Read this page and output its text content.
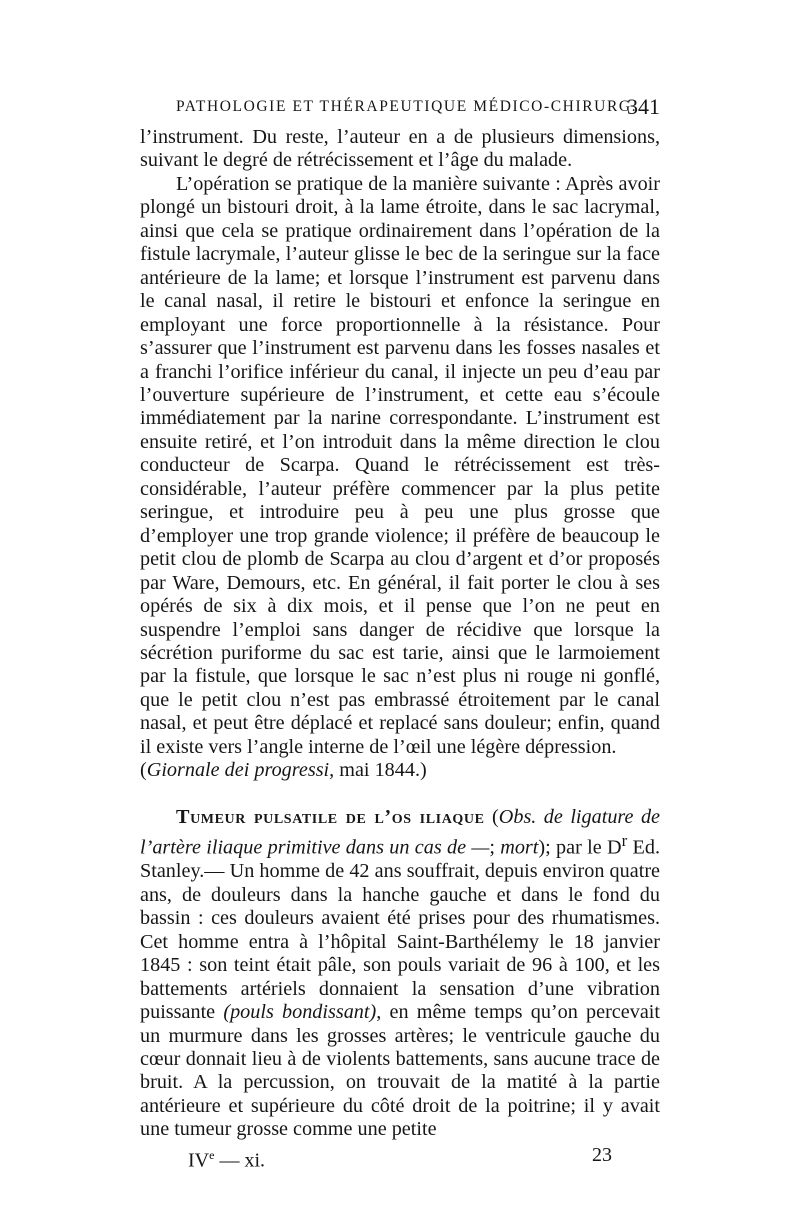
PATHOLOGIE ET THÉRAPEUTIQUE MÉDICO-CHIRURG.
341

l’instrument. Du reste, l’auteur en a de plusieurs dimensions, suivant le degré de rétrécissement et l’âge du malade.

L’opération se pratique de la manière suivante : Après avoir plongé un bistouri droit, à la lame étroite, dans le sac lacrymal, ainsi que cela se pratique ordinairement dans l’opération de la fistule lacrymale, l’auteur glisse le bec de la seringue sur la face antérieure de la lame; et lorsque l’instrument est parvenu dans le canal nasal, il retire le bistouri et enfonce la seringue en employant une force proportionnelle à la résistance. Pour s’assurer que l’instrument est parvenu dans les fosses nasales et a franchi l’orifice inférieur du canal, il injecte un peu d’eau par l’ouverture supérieure de l’instrument, et cette eau s’écoule immédiatement par la narine correspondante. L’instrument est ensuite retiré, et l’on introduit dans la même direction le clou conducteur de Scarpa. Quand le rétrécissement est très-considérable, l’auteur préfère commencer par la plus petite seringue, et introduire peu à peu une plus grosse que d’employer une trop grande violence; il préfère de beaucoup le petit clou de plomb de Scarpa au clou d’argent et d’or proposés par Ware, Demours, etc. En général, il fait porter le clou à ses opérés de six à dix mois, et il pense que l’on ne peut en suspendre l’emploi sans danger de récidive que lorsque la sécrétion puriforme du sac est tarie, ainsi que le larmoiement par la fistule, que lorsque le sac n’est plus ni rouge ni gonflé, que le petit clou n’est pas embrassé étroitement par le canal nasal, et peut être déplacé et replacé sans douleur; enfin, quand il existe vers l’angle interne de l’œil une légère dépression.

(Giornale dei progressi, mai 1844.)

Tumeur pulsatile de l’os iliaque (Obs. de ligature de l’artère iliaque primitive dans un cas de —; mort); par le $D^r$ Ed. Stanley.— Un homme de 42 ans souffrait, depuis environ quatre ans, de douleurs dans la hanche gauche et dans le fond du bassin : ces douleurs avaient été prises pour des rhumatismes. Cet homme entra à l’hôpital Saint-Barthélemy le 18 janvier 1845 : son teint était pâle, son pouls variait de 96 à 100, et les battements artériels donnaient la sensation d’une vibration puissante (pouls bondissant), en même temps qu’on percevait un murmure dans les grosses artères; le ventricule gauche du cœur donnait lieu à de violents battements, sans aucune trace de bruit. A la percussion, on trouvait de la matité à la partie antérieure et supérieure du côté droit de la poitrine; il y avait une tumeur grosse comme une petite

IVe — xi.	23
